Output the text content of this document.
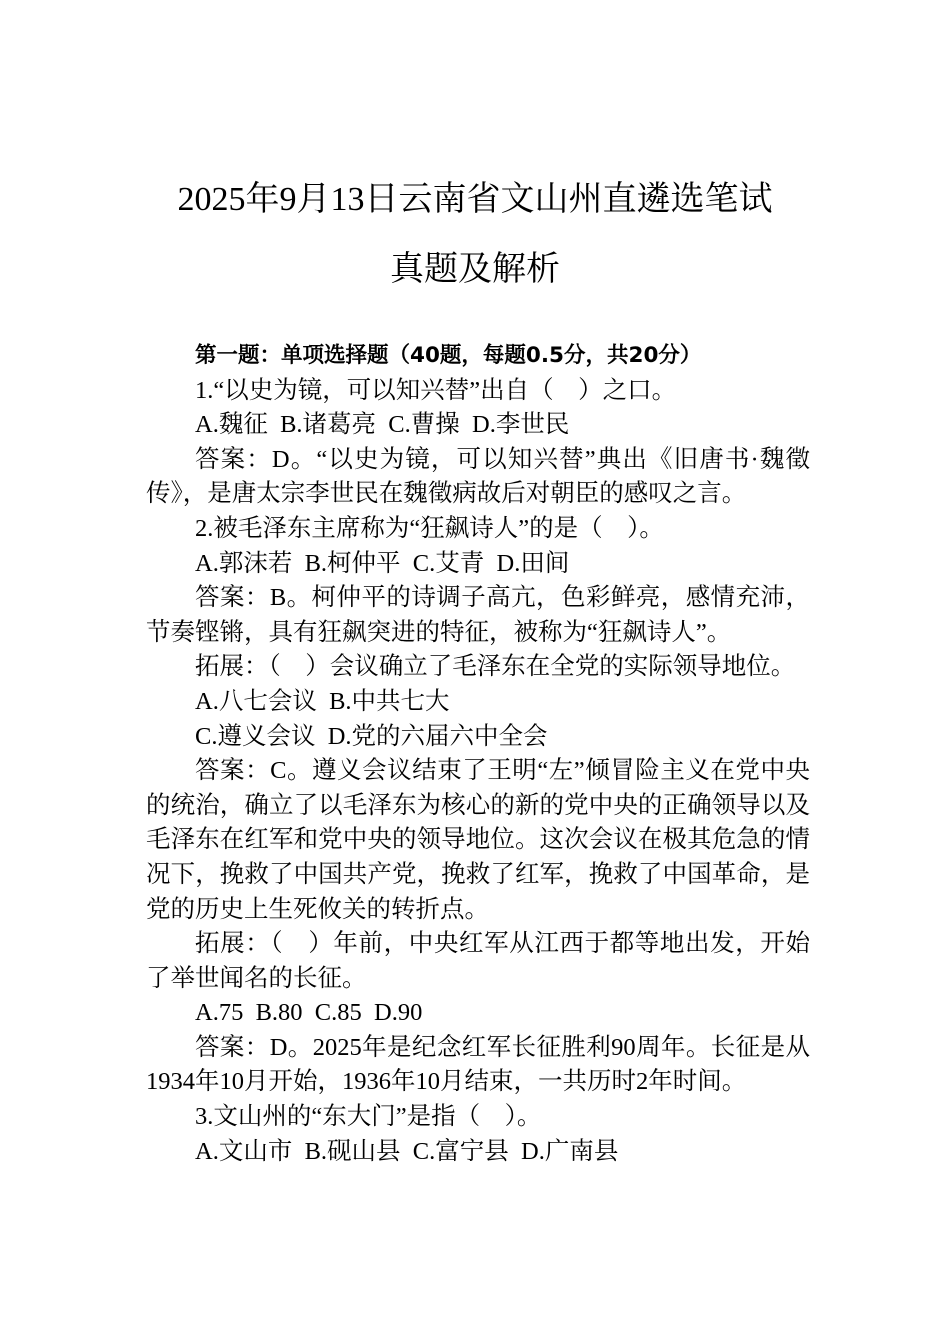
2025年9月13日云南省文山州直遴选笔试
真题及解析

第一题：单项选择题（40题，每题0.5分，共20分）

1.“以史为镜，可以知兴替”出自（　）之口。

A.魏征  B.诸葛亮  C.曹操  D.李世民

答案：D。“以史为镜，可以知兴替”典出《旧唐书·魏徵传》，是唐太宗李世民在魏徵病故后对朝臣的感叹之言。

2.被毛泽东主席称为“狂飙诗人”的是（　）。

A.郭沫若  B.柯仲平  C.艾青  D.田间

答案：B。柯仲平的诗调子高亢，色彩鲜亮，感情充沛，节奏铿锵，具有狂飙突进的特征，被称为“狂飙诗人”。

拓展：（　）会议确立了毛泽东在全党的实际领导地位。

A.八七会议  B.中共七大

C.遵义会议  D.党的六届六中全会

答案：C。遵义会议结束了王明“左”倾冒险主义在党中央的统治，确立了以毛泽东为核心的新的党中央的正确领导以及毛泽东在红军和党中央的领导地位。这次会议在极其危急的情况下，挽救了中国共产党，挽救了红军，挽救了中国革命，是党的历史上生死攸关的转折点。

拓展：（　）年前，中央红军从江西于都等地出发，开始了举世闻名的长征。

A.75  B.80  C.85  D.90

答案：D。2025年是纪念红军长征胜利90周年。长征是从1934年10月开始，1936年10月结束，一共历时2年时间。

3.文山州的“东大门”是指（　）。

A.文山市  B.砚山县  C.富宁县  D.广南县
